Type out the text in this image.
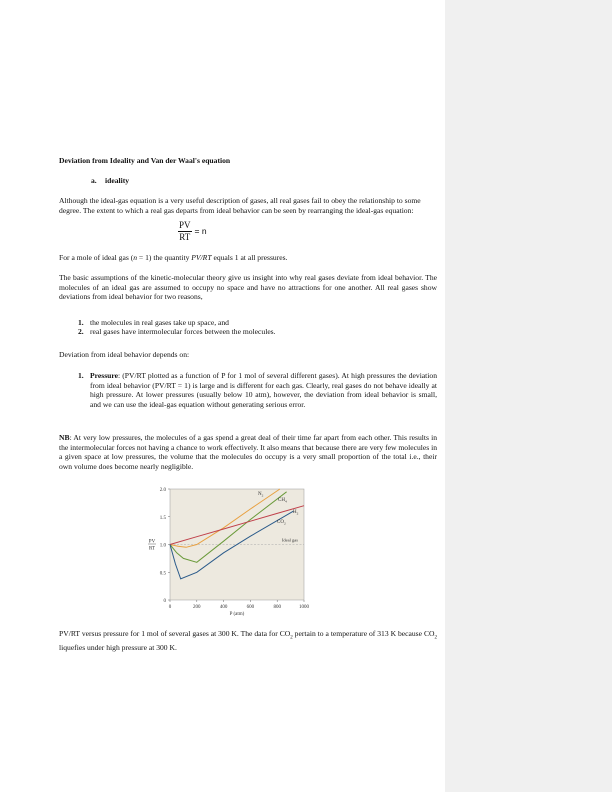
Deviation from Ideality and Van der Waal's equation
a. ideality
Although the ideal-gas equation is a very useful description of gases, all real gases fail to obey the relationship to some degree. The extent to which a real gas departs from ideal behavior can be seen by rearranging the ideal-gas equation:
$\frac{PV}{RT} = n$
For a mole of ideal gas (n = 1) the quantity PV/RT equals 1 at all pressures.
The basic assumptions of the kinetic-molecular theory give us insight into why real gases deviate from ideal behavior. The molecules of an ideal gas are assumed to occupy no space and have no attractions for one another. All real gases show deviations from ideal behavior for two reasons,
1. the molecules in real gases take up space, and
2. real gases have intermolecular forces between the molecules.
Deviation from ideal behavior depends on:
1. Pressure: (PV/RT plotted as a function of P for 1 mol of several different gases). At high pressures the deviation from ideal behavior (PV/RT = 1) is large and is different for each gas. Clearly, real gases do not behave ideally at high pressure. At lower pressures (usually below 10 atm), however, the deviation from ideal behavior is small, and we can use the ideal-gas equation without generating serious error.
NB: At very low pressures, the molecules of a gas spend a great deal of their time far apart from each other. This results in the intermolecular forces not having a chance to work effectively. It also means that because there are very few molecules in a given space at low pressures, the volume that the molecules do occupy is a very small proportion of the total i.e., their own volume does become nearly negligible.
0	200	400	600	800	1000
0
0.5
1.0
1.5
2.0
P (atm)
PV
RT
Ideal gas
$N_2$
$CH_4$
$H_2$
$CO_2$
PV/RT versus pressure for 1 mol of several gases at 300 K. The data for $CO_2$ pertain to a temperature of 313 K because $CO_2$ liquefies under high pressure at 300 K.
